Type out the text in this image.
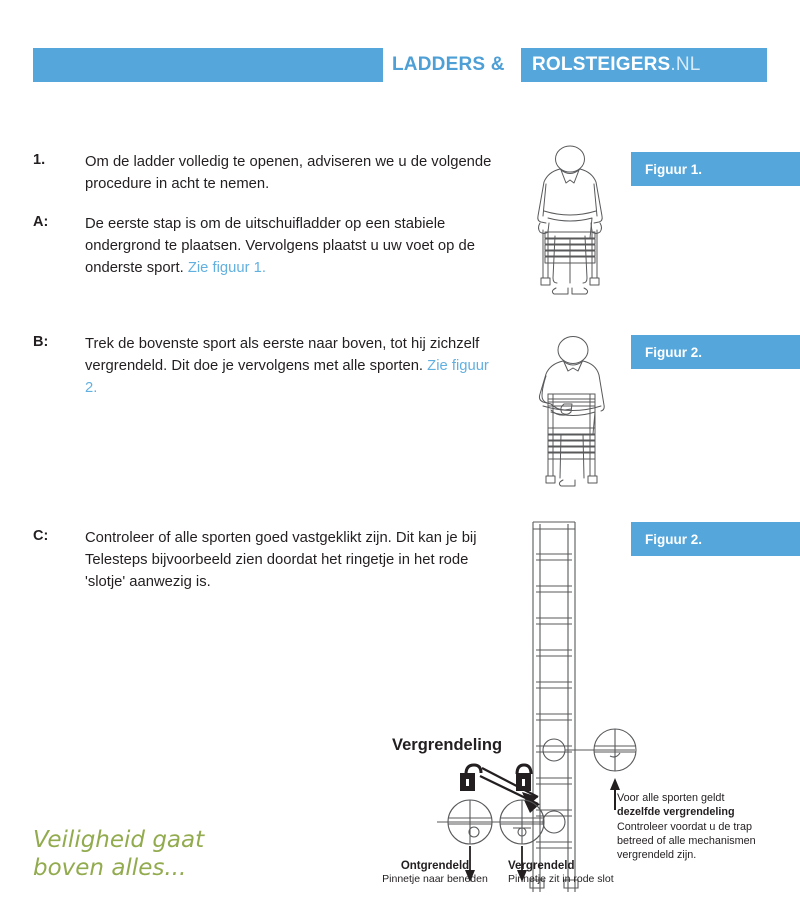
LADDERS & ROLSTEIGERS .NL
1.	Om de ladder volledig te openen, adviseren we u de volgende procedure in acht te nemen.
A:	De eerste stap is om de uitschuifladder op een stabiele ondergrond te plaatsen. Vervolgens plaatst u uw voet op de onderste sport. Zie figuur 1.
B:	Trek de bovenste sport als eerste naar boven, tot hij zichzelf vergrendeld. Dit doe je vervolgens met alle sporten. Zie figuur 2.
C:	Controleer of alle sporten goed vastgeklikt zijn. Dit kan je bij Telesteps bijvoorbeeld zien doordat het ringetje in het rode 'slotje' aanwezig is.
Figuur 1.
Figuur 2.
Figuur 2.
Vergrendeling
Ontgrendeld
Pinnetje naar beneden
Vergrendeld
Pinnetje zit in rode slot
Voor alle sporten geldt
dezelfde vergrendeling
Controleer voordat u de trap
betreed of alle mechanismen
vergrendeld zijn.
Veiligheid gaat
boven alles...
